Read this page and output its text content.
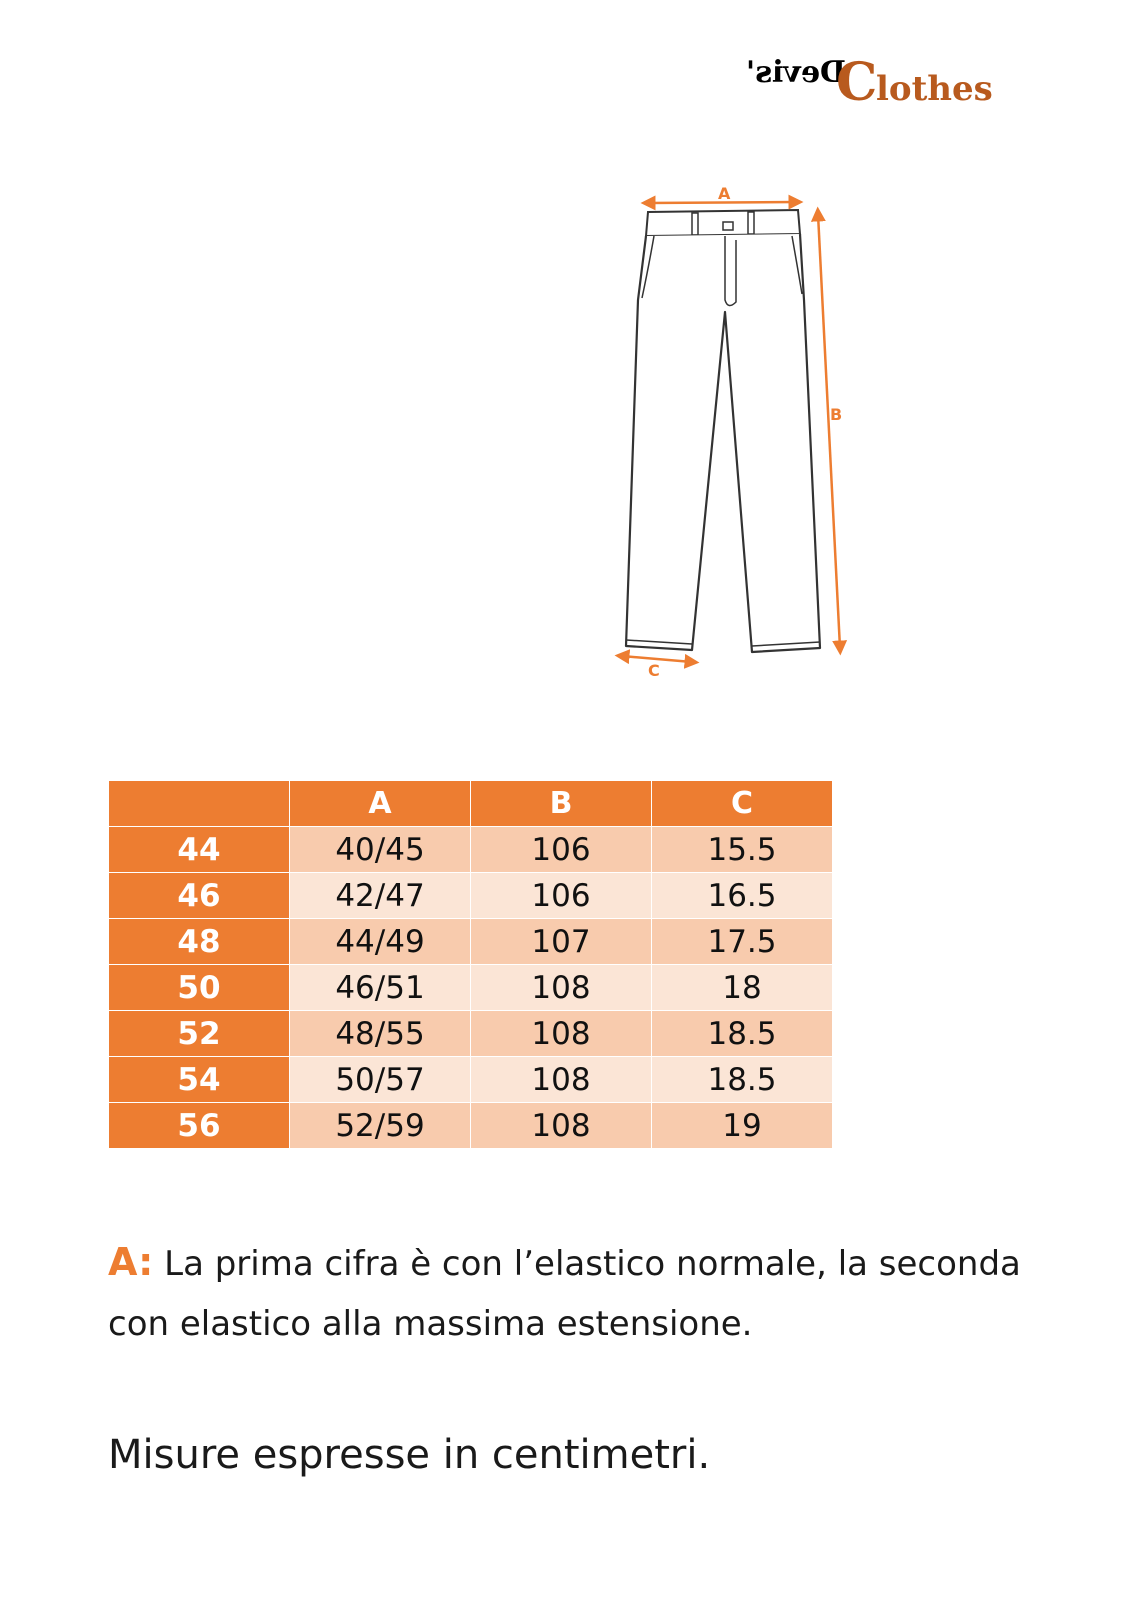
Devis'
C
lothes
A
B
C
	A	B	C
44	40/45	106	15.5
46	42/47	106	16.5
48	44/49	107	17.5
50	46/51	108	18
52	48/55	108	18.5
54	50/57	108	18.5
56	52/59	108	19
A: La prima cifra è con l’elastico normale, la seconda con elastico alla massima estensione.
Misure espresse in centimetri.
